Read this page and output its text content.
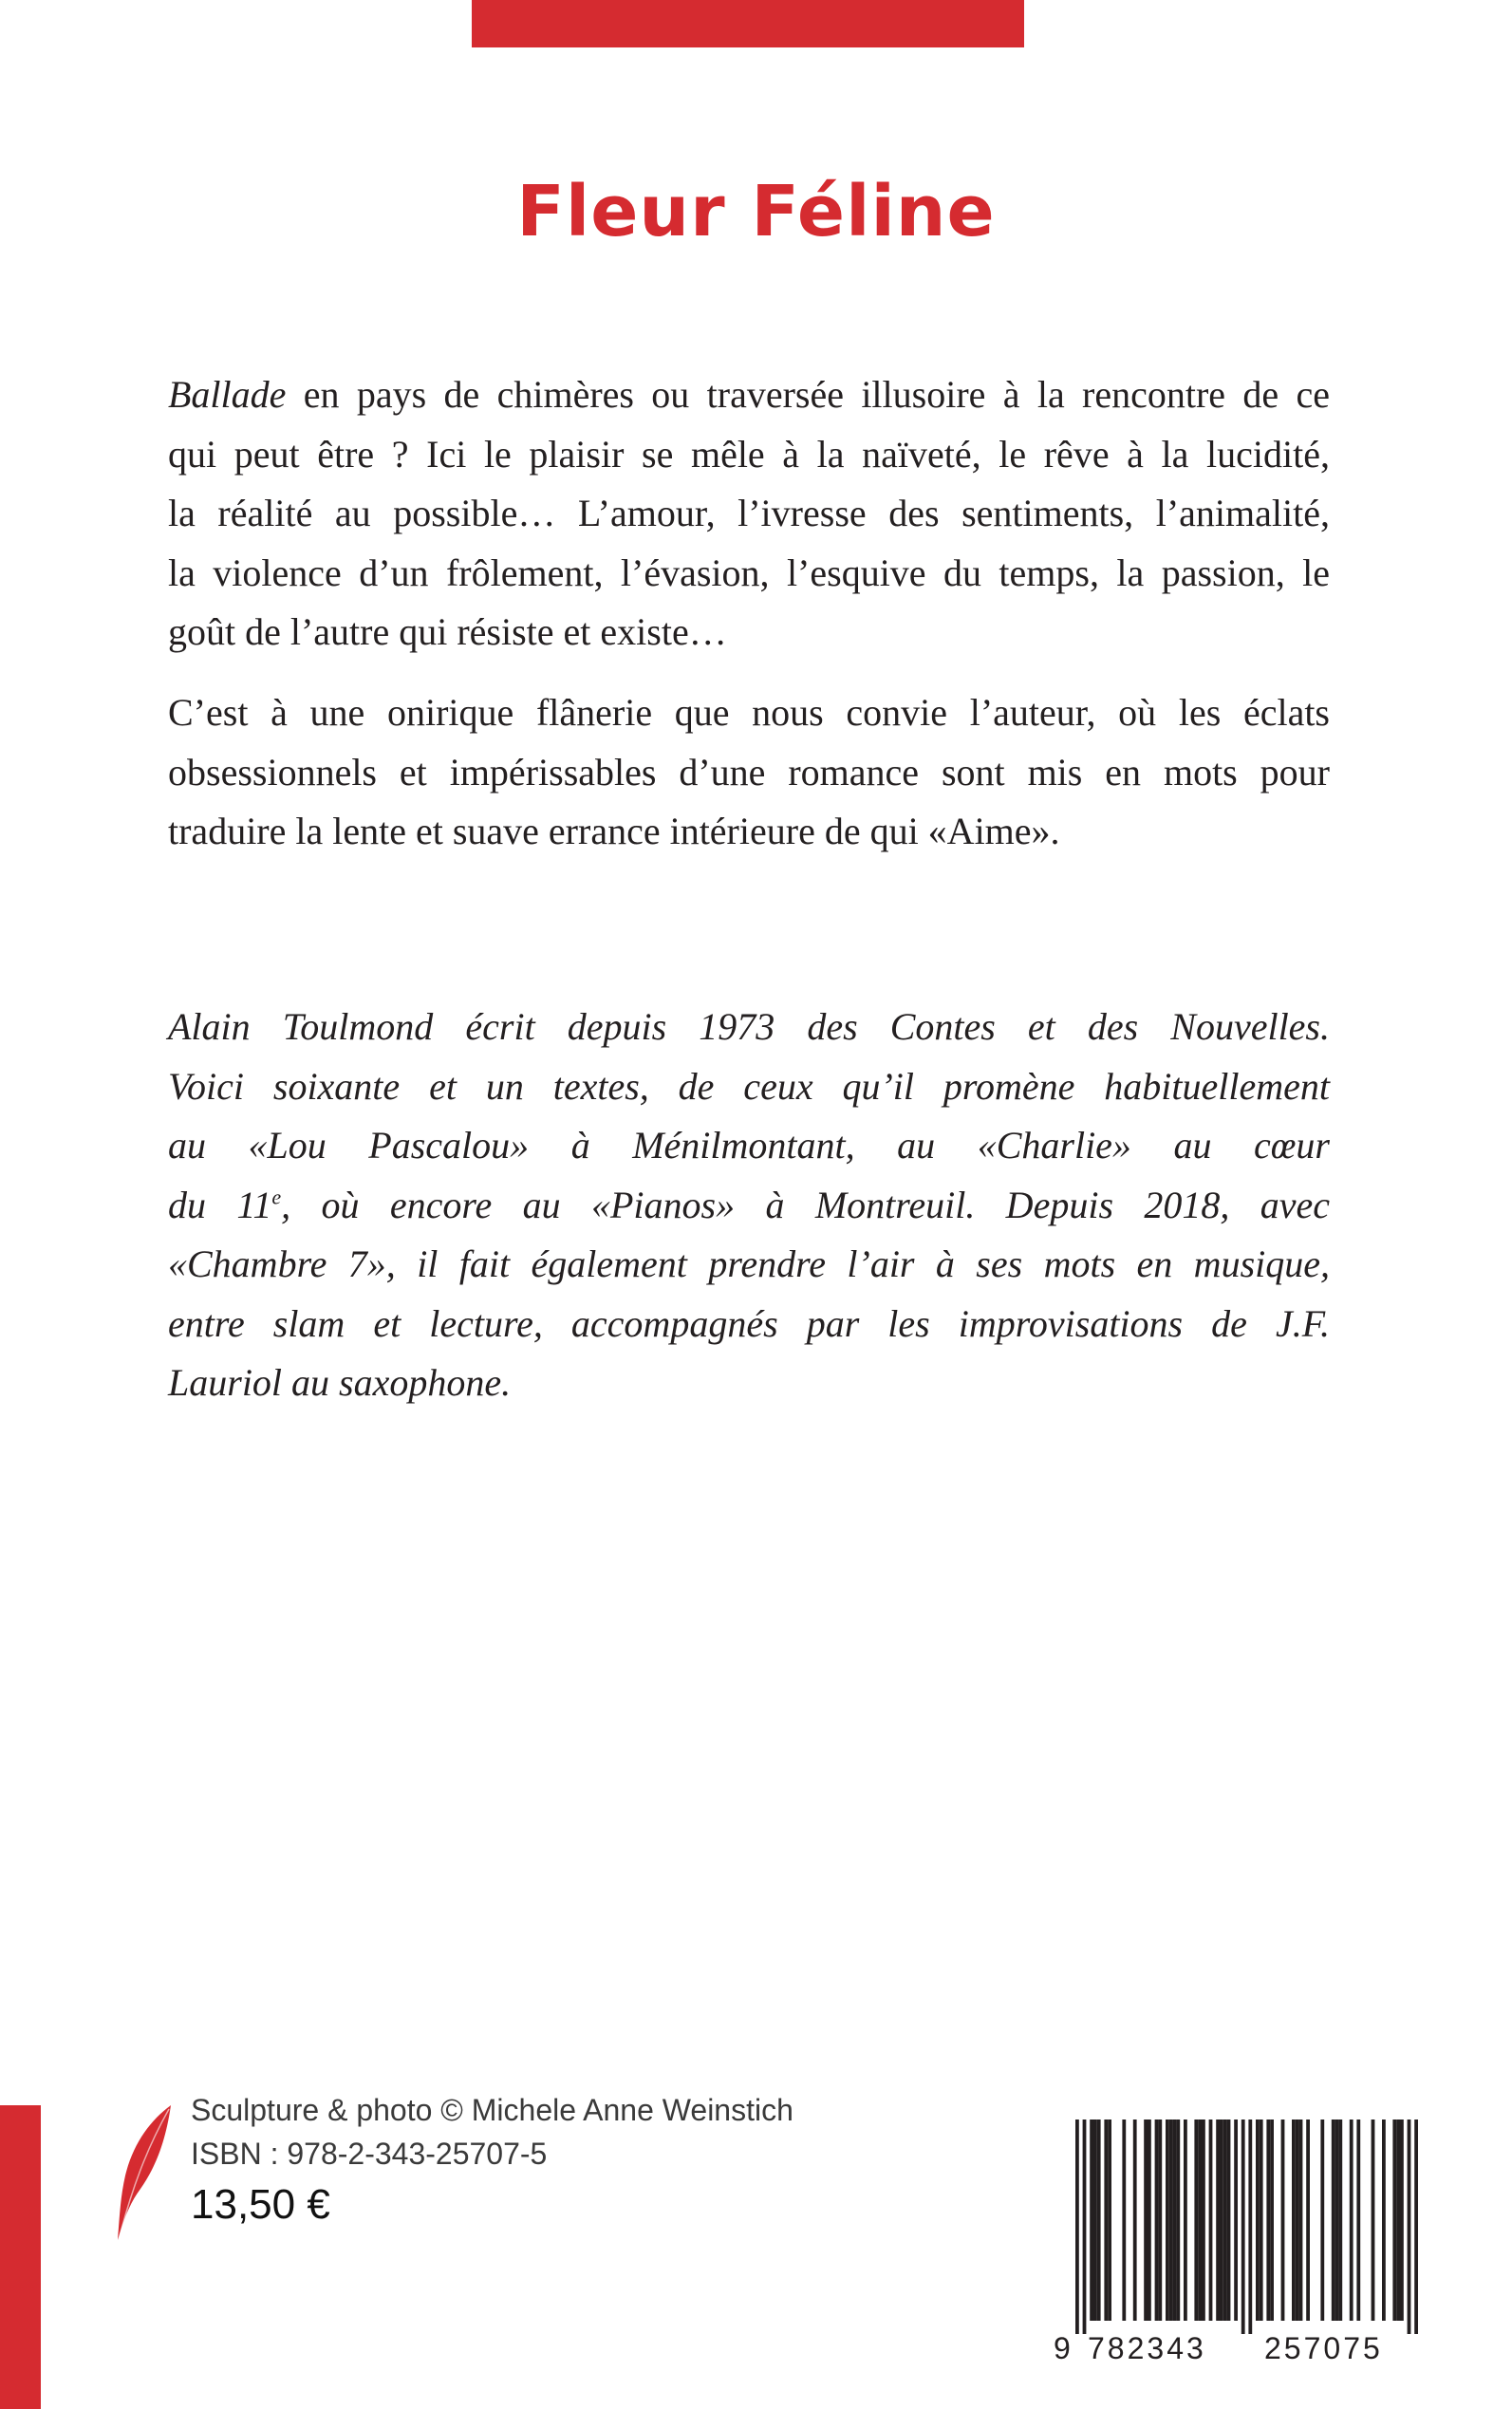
Fleur Féline
Ballade en pays de chimères ou traversée illusoire à la rencontre de ce
qui peut être ? Ici le plaisir se mêle à la naïveté, le rêve à la lucidité,
la réalité au possible… L’amour, l’ivresse des sentiments, l’animalité,
la violence d’un frôlement, l’évasion, l’esquive du temps, la passion, le
goût de l’autre qui résiste et existe…
C’est à une onirique flânerie que nous convie l’auteur, où les éclats
obsessionnels et impérissables d’une romance sont mis en mots pour
traduire la lente et suave errance intérieure de qui «Aime».
Alain Toulmond écrit depuis 1973 des Contes et des Nouvelles.
Voici soixante et un textes, de ceux qu’il promène habituellement
au «Lou Pascalou» à Ménilmontant, au «Charlie» au cœur
du 11e, où encore au «Pianos» à Montreuil. Depuis 2018, avec
«Chambre 7», il fait également prendre l’air à ses mots en musique,
entre slam et lecture, accompagnés par les improvisations de J.F.
Lauriol au saxophone.
Sculpture & photo © Michele Anne Weinstich
ISBN : 978-2-343-25707-5
13,50 €
9 782343 257075
